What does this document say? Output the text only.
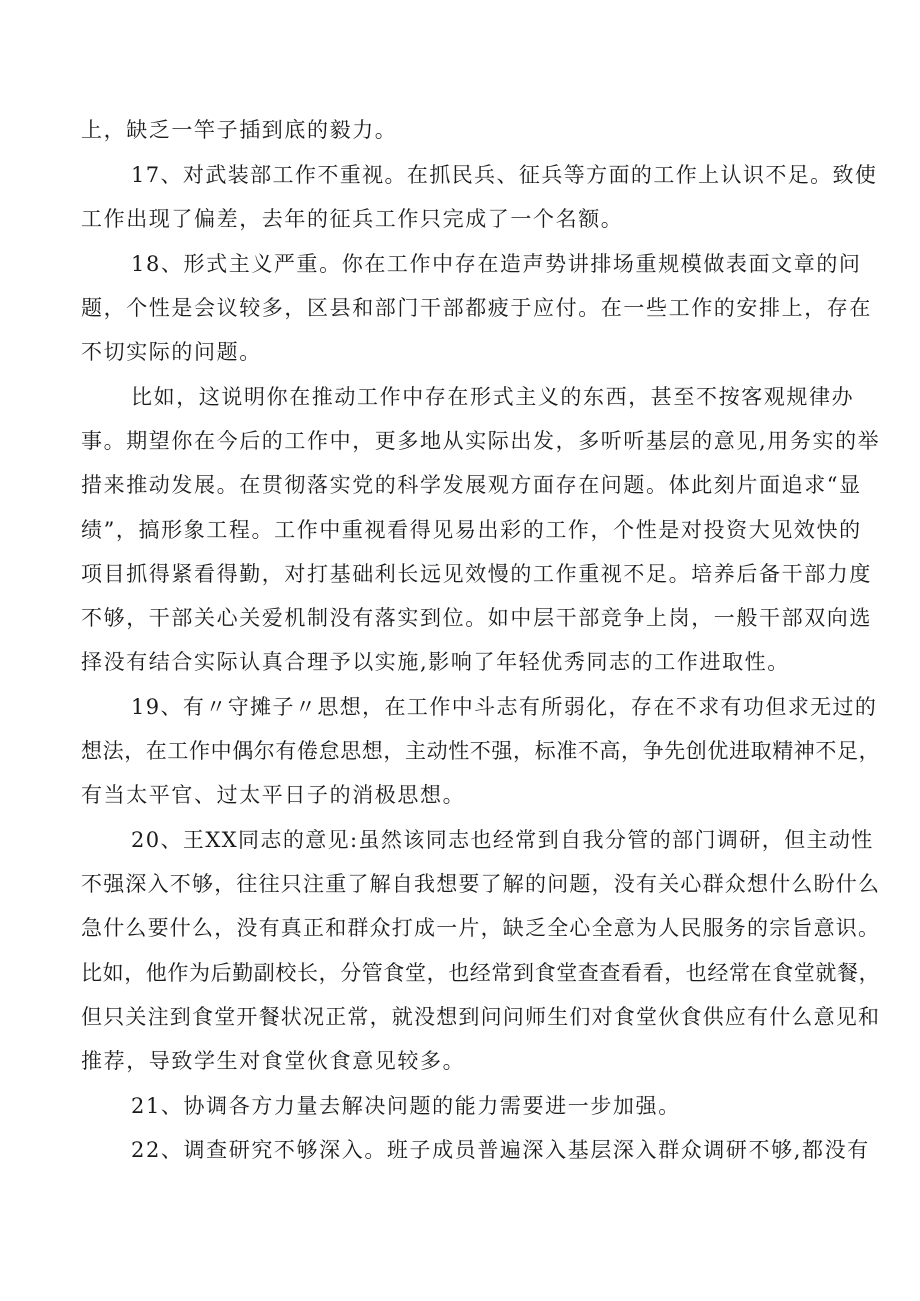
上，缺乏一竿子插到底的毅力。
17、对武装部工作不重视。在抓民兵、征兵等方面的工作上认识不足。致使
工作出现了偏差，去年的征兵工作只完成了一个名额。
18、形式主义严重。你在工作中存在造声势讲排场重规模做表面文章的问
题，个性是会议较多，区县和部门干部都疲于应付。在一些工作的安排上，存在
不切实际的问题。
比如，这说明你在推动工作中存在形式主义的东西，甚至不按客观规律办
事。期望你在今后的工作中，更多地从实际出发，多听听基层的意见,用务实的举
措来推动发展。在贯彻落实党的科学发展观方面存在问题。体此刻片面追求“显
绩”，搞形象工程。工作中重视看得见易出彩的工作，个性是对投资大见效快的
项目抓得紧看得勤，对打基础利长远见效慢的工作重视不足。培养后备干部力度
不够，干部关心关爱机制没有落实到位。如中层干部竞争上岗，一般干部双向选
择没有结合实际认真合理予以实施,影响了年轻优秀同志的工作进取性。
19、有〃守摊子〃思想，在工作中斗志有所弱化，存在不求有功但求无过的
想法，在工作中偶尔有倦怠思想，主动性不强，标准不高，争先创优进取精神不足，
有当太平官、过太平日子的消极思想。
20、王XX同志的意见:虽然该同志也经常到自我分管的部门调研，但主动性
不强深入不够，往往只注重了解自我想要了解的问题，没有关心群众想什么盼什么
急什么要什么，没有真正和群众打成一片，缺乏全心全意为人民服务的宗旨意识。
比如，他作为后勤副校长，分管食堂，也经常到食堂查查看看，也经常在食堂就餐，
但只关注到食堂开餐状况正常，就没想到问问师生们对食堂伙食供应有什么意见和
推荐，导致学生对食堂伙食意见较多。
21、协调各方力量去解决问题的能力需要进一步加强。
22、调查研究不够深入。班子成员普遍深入基层深入群众调研不够,都没有
